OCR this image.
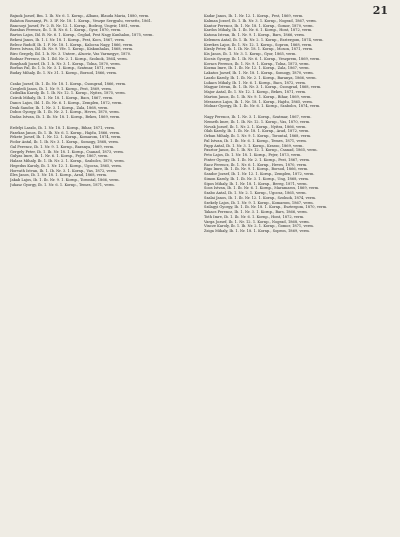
21

Bajnok Jozsef, Bm. 1. Ib. Nr. 6. 1. Kornp., Albans, Blauda Maria, 1880, verm.

Balaton Rozsanyi, Pt. 3. IF. Nr. 18. 1. Kornp., Veszpe Sergyalu, versetts, 1861.

Bancsoyi Jozsef, Fr. 2. B. Nr. 12. 1. Kornp., Bodrog, Ungvir, 1881, verm.

Barabas Ferencz, Ib. 1. B. Nr. 6. 1. Kornp., Gyor, 1870, verm.

Bartos Lajos, Ibl. B. Nr. 6. 1. Kornp., Ceglad, Pest Nagy Kunhalon, 1875, verm.

Bekesi Janos, Ib. 1. I. Nr. 18. 1. Kornp., Pest, Kocs, 1867, verm.

Belecz Rudolf, Ib. 1. F. Nr. 18. 1. Kornp., Kalocsa Nagy, 1866, verm.

Beres Istvan, Ibl. Ib. Nr. 9. Vfe. 1. Kornp., Kiskunhalas, 1868, verm.

Biro Gergely, Ibl. 1. b. Nr. 3. Unterr., Alsoviz, Vas Varmegye, 1870.

Bodnar Ferencz, Ib. 1. Ibl. Nr. 2. 1. Kornp., Szolnok, 1864, verm.

Bonyhadi Jozsef, Ib. 1. b. Nr. 3. 1. Kornp., Tolna, 1870, verm.

Borbas Pal, Ib. 1. b. Nr. 3. 1. Kornp., Szatmar, 1871, verm.

Buday Mihaly, Ib. 1. Nr. 31. 1. Kornp., Borsod, 1866, verm.

Czako Jozsef, Ib. 1. Ib. Nr. 18. 1. Kornp., Csongrad, 1866, verm.

Czegledi Janos, Ib. 1. Nr. 9. 1. Kornp., Pest, 1869, verm.

Czibulka Karoly, Ib. 1. Ib. Nr. 12. 1. Kornp., Nyitra, 1875, verm.

Czirok Mihaly, Ib. 1. Nr. 18. 1. Kornp., Bacs, 1867, verm.

Dancs Lajos, Ibl. 1. Ib. Nr. 6. 1. Kornp., Zemplen, 1872, verm.

Deak Sandor, Ib. 1. Nr. 3. 1. Kornp., Zala, 1868, verm.

Dobos Gyorgy, Ib. 1. Ib. Nr. 2. 1. Kornp., Heves, 1870, verm.

Dudas Istvan, Ib. 1. Ib. Nr. 18. 1. Kornp., Bekes, 1869, verm.

Erdelyi Laszlo, Ib. 1. Nr. 18. 1. Kornp., Bihar, 1871, verm.

Fazekas Janos, Ib. 1. Ib. Nr. 6. 1. Kornp., Hajdu, 1866, verm.

Fekete Jozsef, Ib. 1. Nr. 12. 1. Kornp., Komarom, 1874, verm.

Fodor Antal, Ib. 1. Ib. Nr. 3. 1. Kornp., Somogy, 1868, verm.

Gal Ferencz, Ib. 1. Nr. 9. 1. Kornp., Baranya, 1869, verm.

Gergely Peter, Ib. 1. Ib. Nr. 18. 1. Kornp., Csanad, 1873, verm.

Gulyas Imre, Ib. 1. Nr. 6. 1. Kornp., Fejer, 1867, verm.

Halasz Mihaly, Ib. 1. Ib. Nr. 2. 1. Kornp., Szabolcs, 1870, verm.

Hegedus Karoly, Ib. 1. Nr. 12. 1. Kornp., Ugocsa, 1865, verm.

Horvath Istvan, Ib. 1. Ib. Nr. 3. 1. Kornp., Vas, 1872, verm.

Illes Janos, Ib. 1. Nr. 18. 1. Kornp., Arad, 1868, verm.

Jakab Lajos, Ib. 1. Ib. Nr. 9. 1. Kornp., Torontal, 1866, verm.

Juhasz Gyorgy, Ib. 1. Nr. 6. 1. Kornp., Temes, 1871, verm.

Kadar Janos, Ib. 1. Nr. 12. 1. Kornp., Pest, 1869, verm.

Kalman Jozsef, Ib. 1. Ib. Nr. 3. 1. Kornp., Nograd, 1867, verm.

Kantor Ferencz, Ib. 1. Nr. 18. 1. Kornp., Gomor, 1870, verm.

Kardos Mihaly, Ib. 1. Ib. Nr. 6. 1. Kornp., Hont, 1872, verm.

Katona Istvan, Ib. 1. Nr. 9. 1. Kornp., Bars, 1866, verm.

Kelemen Antal, Ib. 1. Ib. Nr. 2. 1. Kornp., Esztergom, 1874, verm.

Kerekes Lajos, Ib. 1. Nr. 12. 1. Kornp., Sopron, 1868, verm.

Kiraly Peter, Ib. 1. Ib. Nr. 18. 1. Kornp., Moson, 1871, verm.

Kis Janos, Ib. 1. Nr. 3. 1. Kornp., Gyor, 1865, verm.

Kocsis Gyorgy, Ib. 1. Ib. Nr. 6. 1. Kornp., Veszprem, 1869, verm.

Kovacs Ferencz, Ib. 1. Nr. 9. 1. Kornp., Tolna, 1873, verm.

Kozma Imre, Ib. 1. Ib. Nr. 12. 1. Kornp., Zala, 1867, verm.

Lakatos Jozsef, Ib. 1. Nr. 18. 1. Kornp., Somogy, 1870, verm.

Laszlo Karoly, Ib. 1. Ib. Nr. 2. 1. Kornp., Baranya, 1866, verm.

Lukacs Mihaly, Ib. 1. Nr. 6. 1. Kornp., Bacs, 1872, verm.

Magyar Istvan, Ib. 1. Ib. Nr. 3. 1. Kornp., Csongrad, 1868, verm.

Major Antal, Ib. 1. Nr. 12. 1. Kornp., Bekes, 1871, verm.

Marton Janos, Ib. 1. Ib. Nr. 9. 1. Kornp., Bihar, 1869, verm.

Meszaros Lajos, Ib. 1. Nr. 18. 1. Kornp., Hajdu, 1865, verm.

Molnar Gyorgy, Ib. 1. Ib. Nr. 6. 1. Kornp., Szabolcs, 1874, verm.

Nagy Ferencz, Ib. 1. Nr. 3. 1. Kornp., Szatmar, 1867, verm.

Nemeth Imre, Ib. 1. Ib. Nr. 12. 1. Kornp., Vas, 1870, verm.

Novak Jozsef, Ib. 1. Nr. 2. 1. Kornp., Nyitra, 1866, verm.

Olah Karoly, Ib. 1. Ib. Nr. 18. 1. Kornp., Arad, 1872, verm.

Orban Mihaly, Ib. 1. Nr. 9. 1. Kornp., Torontal, 1868, verm.

Pal Istvan, Ib. 1. Ib. Nr. 6. 1. Kornp., Temes, 1871, verm.

Papp Antal, Ib. 1. Nr. 3. 1. Kornp., Krasso, 1869, verm.

Pasztor Janos, Ib. 1. Ib. Nr. 12. 1. Kornp., Csanad, 1865, verm.

Peto Lajos, Ib. 1. Nr. 18. 1. Kornp., Fejer, 1873, verm.

Pinter Gyorgy, Ib. 1. Ib. Nr. 2. 1. Kornp., Pest, 1867, verm.

Racz Ferencz, Ib. 1. Nr. 6. 1. Kornp., Heves, 1870, verm.

Rigo Imre, Ib. 1. Ib. Nr. 9. 1. Kornp., Borsod, 1866, verm.

Sandor Jozsef, Ib. 1. Nr. 12. 1. Kornp., Zemplen, 1872, verm.

Simon Karoly, Ib. 1. Ib. Nr. 3. 1. Kornp., Ung, 1868, verm.

Sipos Mihaly, Ib. 1. Nr. 18. 1. Kornp., Bereg, 1871, verm.

Soos Istvan, Ib. 1. Ib. Nr. 6. 1. Kornp., Maramaros, 1869, verm.

Szabo Antal, Ib. 1. Nr. 2. 1. Kornp., Ugocsa, 1865, verm.

Szalai Janos, Ib. 1. Ib. Nr. 12. 1. Kornp., Szolnok, 1874, verm.

Szekely Lajos, Ib. 1. Nr. 9. 1. Kornp., Komarom, 1867, verm.

Szilagyi Gyorgy, Ib. 1. Ib. Nr. 18. 1. Kornp., Esztergom, 1870, verm.

Takacs Ferencz, Ib. 1. Nr. 3. 1. Kornp., Bars, 1866, verm.

Toth Imre, Ib. 1. Ib. Nr. 6. 1. Kornp., Hont, 1872, verm.

Varga Jozsef, Ib. 1. Nr. 12. 1. Kornp., Nograd, 1868, verm.

Vincze Karoly, Ib. 1. Ib. Nr. 2. 1. Kornp., Gomor, 1871, verm.

Zsiga Mihaly, Ib. 1. Nr. 18. 1. Kornp., Sopron, 1869, verm.
